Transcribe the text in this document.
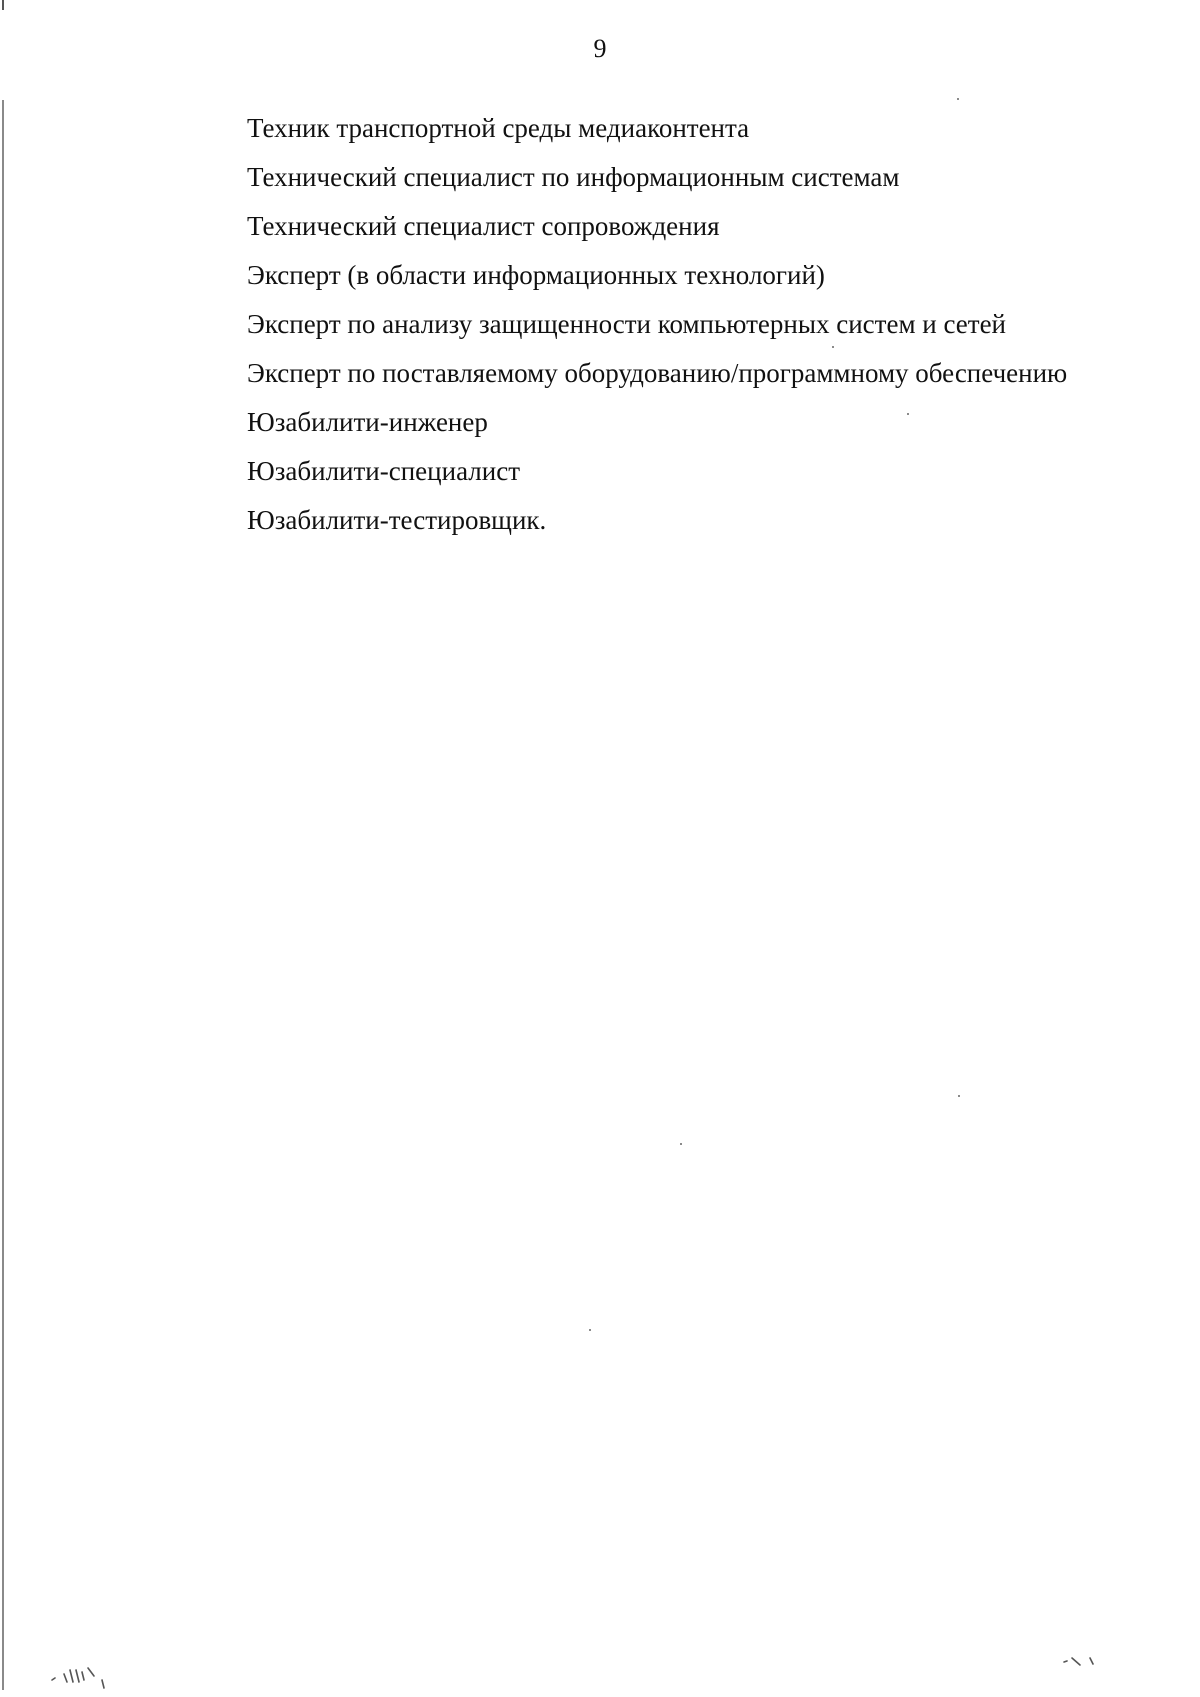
9
Техник транспортной среды медиаконтента
Технический специалист по информационным системам
Технический специалист сопровождения
Эксперт (в области информационных технологий)
Эксперт по анализу защищенности компьютерных систем и сетей
Эксперт по поставляемому оборудованию/программному обеспечению
Юзабилити-инженер
Юзабилити-специалист
Юзабилити-тестировщик.
